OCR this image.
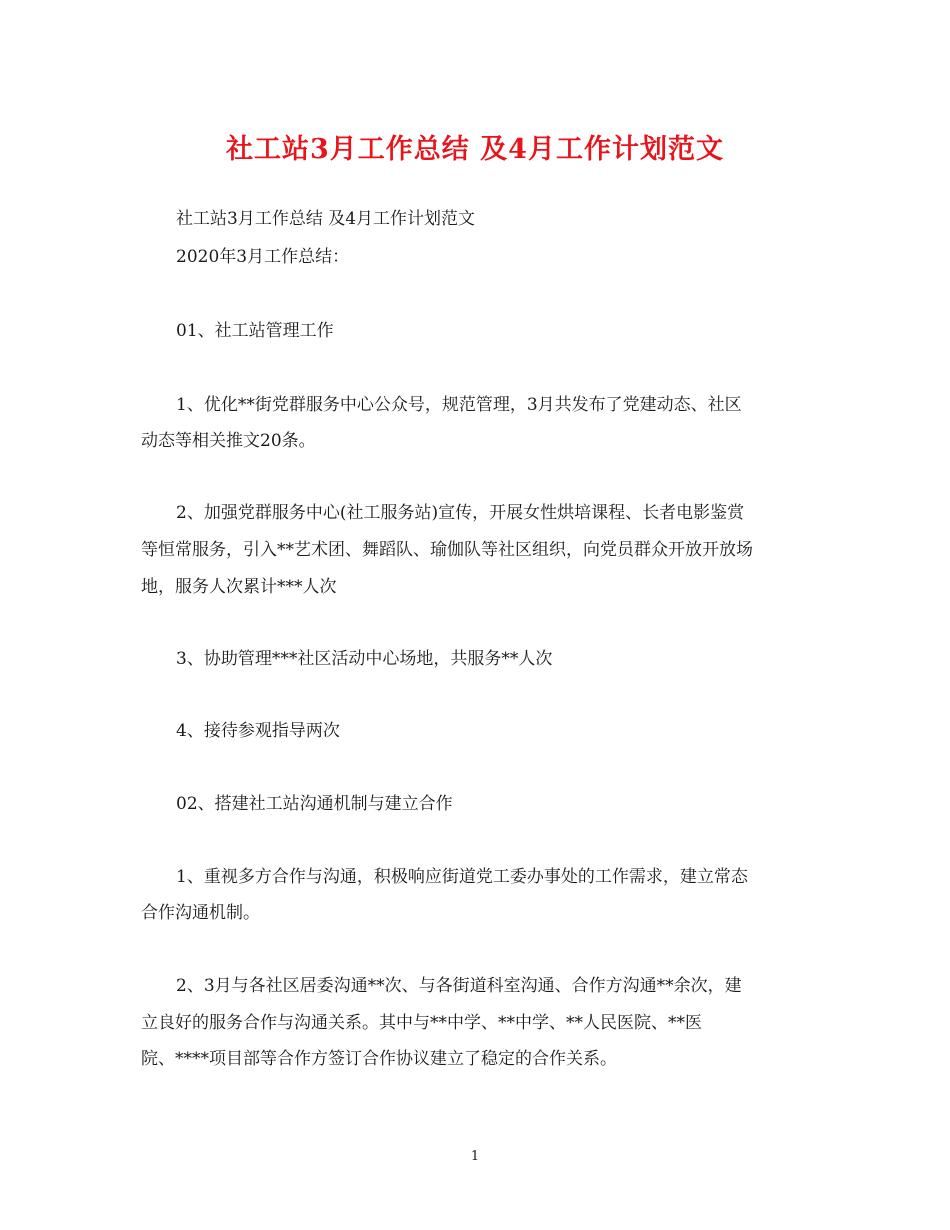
社工站3月工作总结 及4月工作计划范文
社工站3月工作总结 及4月工作计划范文
2020年3月工作总结：
01、社工站管理工作
1、优化**街党群服务中心公众号，规范管理，3月共发布了党建动态、社区
动态等相关推文20条。
2、加强党群服务中心(社工服务站)宣传，开展女性烘培课程、长者电影鉴赏
等恒常服务，引入**艺术团、舞蹈队、瑜伽队等社区组织，向党员群众开放开放场
地，服务人次累计***人次
3、协助管理***社区活动中心场地，共服务**人次
4、接待参观指导两次
02、搭建社工站沟通机制与建立合作
1、重视多方合作与沟通，积极响应街道党工委办事处的工作需求，建立常态
合作沟通机制。
2、3月与各社区居委沟通**次、与各街道科室沟通、合作方沟通**余次，建
立良好的服务合作与沟通关系。其中与**中学、**中学、**人民医院、**医
院、****项目部等合作方签订合作协议建立了稳定的合作关系。
1
